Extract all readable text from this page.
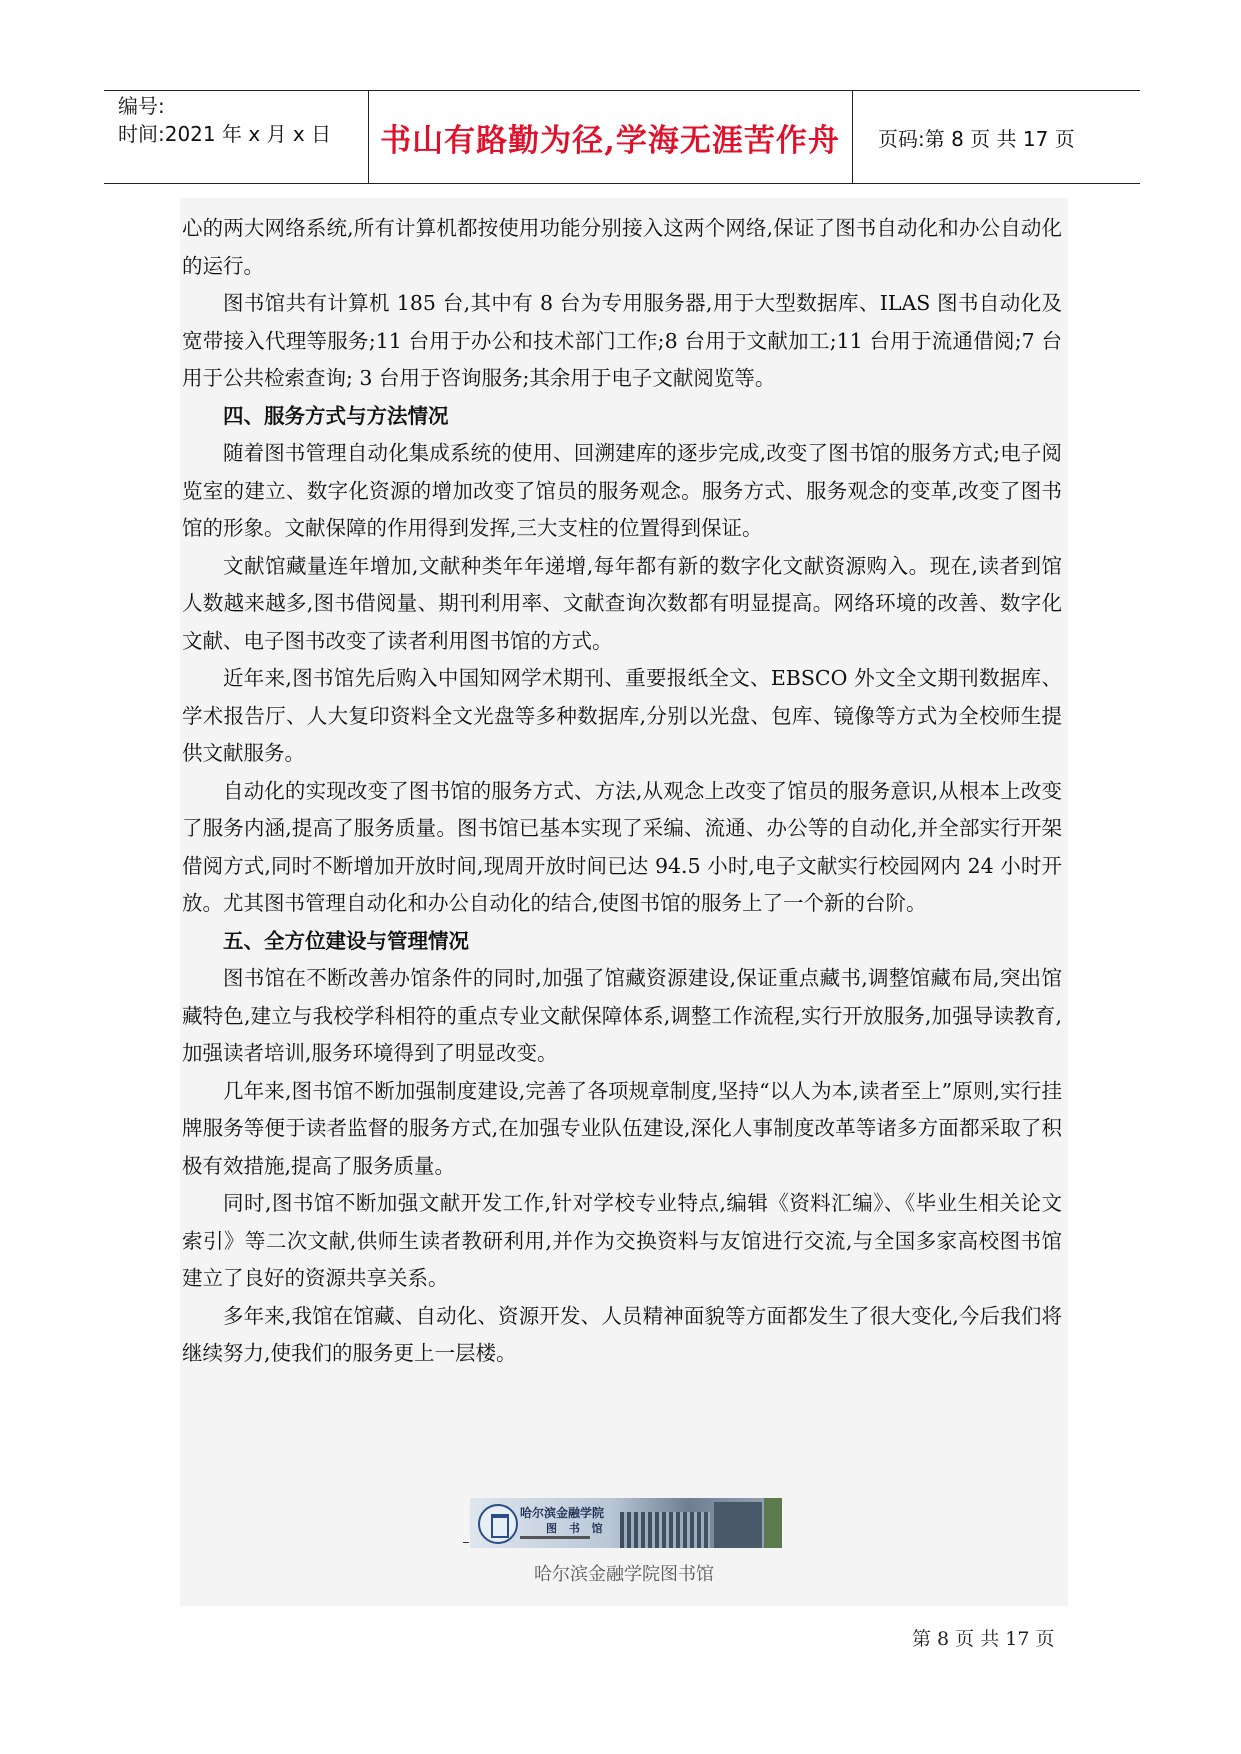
编号:
时间:2021 年 x 月 x 日	书山有路勤为径,学海无涯苦作舟	页码:第 8 页 共 17 页

心的两大网络系统,所有计算机都按使用功能分别接入这两个网络,保证了图书自动化和办公自动化的运行。

图书馆共有计算机 185 台,其中有 8 台为专用服务器,用于大型数据库、ILAS 图书自动化及宽带接入代理等服务;11 台用于办公和技术部门工作;8 台用于文献加工;11 台用于流通借阅;7 台用于公共检索查询; 3 台用于咨询服务;其余用于电子文献阅览等。

四、服务方式与方法情况

随着图书管理自动化集成系统的使用、回溯建库的逐步完成,改变了图书馆的服务方式;电子阅览室的建立、数字化资源的增加改变了馆员的服务观念。服务方式、服务观念的变革,改变了图书馆的形象。文献保障的作用得到发挥,三大支柱的位置得到保证。

文献馆藏量连年增加,文献种类年年递增,每年都有新的数字化文献资源购入。现在,读者到馆人数越来越多,图书借阅量、期刊利用率、文献查询次数都有明显提高。网络环境的改善、数字化文献、电子图书改变了读者利用图书馆的方式。

近年来,图书馆先后购入中国知网学术期刊、重要报纸全文、EBSCO 外文全文期刊数据库、学术报告厅、人大复印资料全文光盘等多种数据库,分别以光盘、包库、镜像等方式为全校师生提供文献服务。

自动化的实现改变了图书馆的服务方式、方法,从观念上改变了馆员的服务意识,从根本上改变了服务内涵,提高了服务质量。图书馆已基本实现了采编、流通、办公等的自动化,并全部实行开架借阅方式,同时不断增加开放时间,现周开放时间已达 94.5 小时,电子文献实行校园网内 24 小时开放。尤其图书管理自动化和办公自动化的结合,使图书馆的服务上了一个新的台阶。

五、全方位建设与管理情况

图书馆在不断改善办馆条件的同时,加强了馆藏资源建设,保证重点藏书,调整馆藏布局,突出馆藏特色,建立与我校学科相符的重点专业文献保障体系,调整工作流程,实行开放服务,加强导读教育,加强读者培训,服务环境得到了明显改变。

几年来,图书馆不断加强制度建设,完善了各项规章制度,坚持“以人为本,读者至上”原则,实行挂牌服务等便于读者监督的服务方式,在加强专业队伍建设,深化人事制度改革等诸多方面都采取了积极有效措施,提高了服务质量。

同时,图书馆不断加强文献开发工作,针对学校专业特点,编辑《资料汇编》、《毕业生相关论文索引》等二次文献,供师生读者教研利用,并作为交换资料与友馆进行交流,与全国多家高校图书馆建立了良好的资源共享关系。

多年来,我馆在馆藏、自动化、资源开发、人员精神面貌等方面都发生了很大变化,今后我们将继续努力,使我们的服务更上一层楼。

哈尔滨金融学院
图 书 馆
哈尔滨金融学院图书馆
第 8 页 共 17 页
